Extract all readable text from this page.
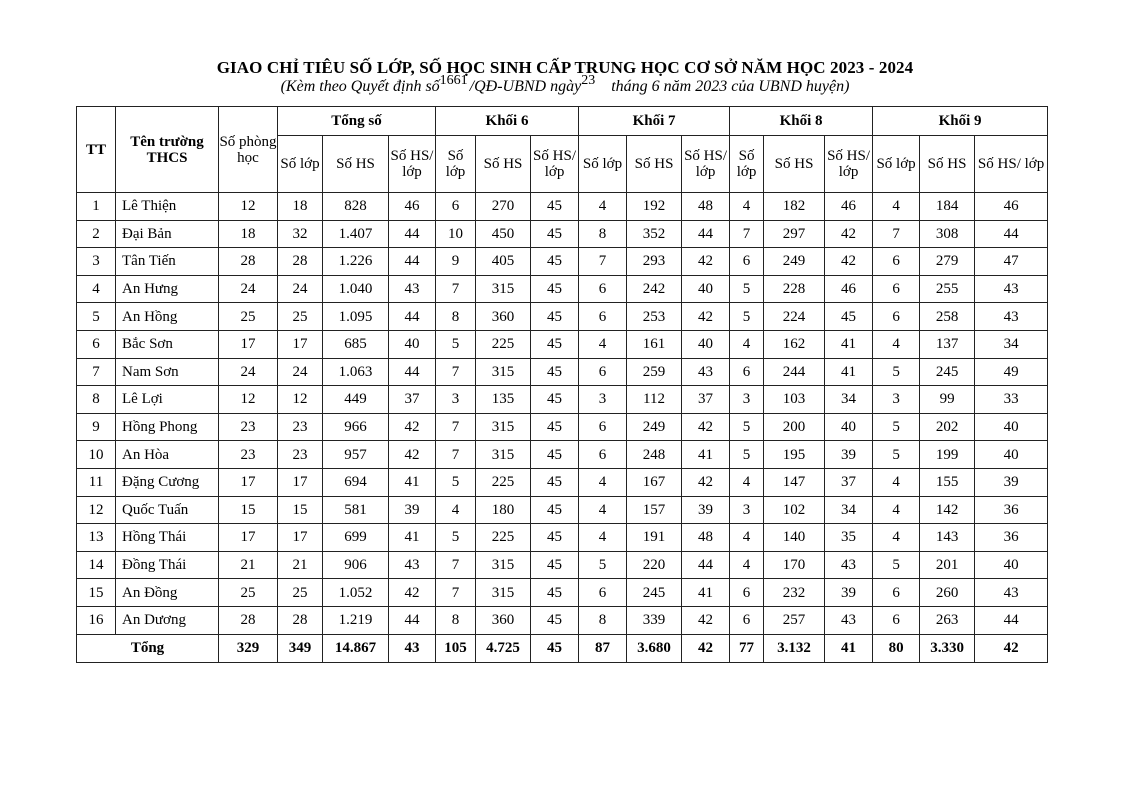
GIAO CHỈ TIÊU SỐ LỚP, SỐ HỌC SINH CẤP TRUNG HỌC CƠ SỞ NĂM HỌC 2023 - 2024
(Kèm theo Quyết định số1661 /QĐ-UBND ngày23 tháng 6 năm 2023 của UBND huyện)
TT	Tên trường THCS	Số phòng học	Tổng số			Khối 6			Khối 7			Khối 8			Khối 9		
			Số lớp	Số HS	Số HS/ lớp	Số lớp	Số HS	Số HS/ lớp	Số lớp	Số HS	Số HS/ lớp	Số lớp	Số HS	Số HS/ lớp	Số lớp	Số HS	Số HS/ lớp
1	Lê Thiện	12	18	828	46	6	270	45	4	192	48	4	182	46	4	184	46
2	Đại Bản	18	32	1.407	44	10	450	45	8	352	44	7	297	42	7	308	44
3	Tân Tiến	28	28	1.226	44	9	405	45	7	293	42	6	249	42	6	279	47
4	An Hưng	24	24	1.040	43	7	315	45	6	242	40	5	228	46	6	255	43
5	An Hồng	25	25	1.095	44	8	360	45	6	253	42	5	224	45	6	258	43
6	Bắc Sơn	17	17	685	40	5	225	45	4	161	40	4	162	41	4	137	34
7	Nam Sơn	24	24	1.063	44	7	315	45	6	259	43	6	244	41	5	245	49
8	Lê Lợi	12	12	449	37	3	135	45	3	112	37	3	103	34	3	99	33
9	Hồng Phong	23	23	966	42	7	315	45	6	249	42	5	200	40	5	202	40
10	An Hòa	23	23	957	42	7	315	45	6	248	41	5	195	39	5	199	40
11	Đặng Cương	17	17	694	41	5	225	45	4	167	42	4	147	37	4	155	39
12	Quốc Tuấn	15	15	581	39	4	180	45	4	157	39	3	102	34	4	142	36
13	Hồng Thái	17	17	699	41	5	225	45	4	191	48	4	140	35	4	143	36
14	Đồng Thái	21	21	906	43	7	315	45	5	220	44	4	170	43	5	201	40
15	An Đồng	25	25	1.052	42	7	315	45	6	245	41	6	232	39	6	260	43
16	An Dương	28	28	1.219	44	8	360	45	8	339	42	6	257	43	6	263	44
Tổng		329	349	14.867	43	105	4.725	45	87	3.680	42	77	3.132	41	80	3.330	42
